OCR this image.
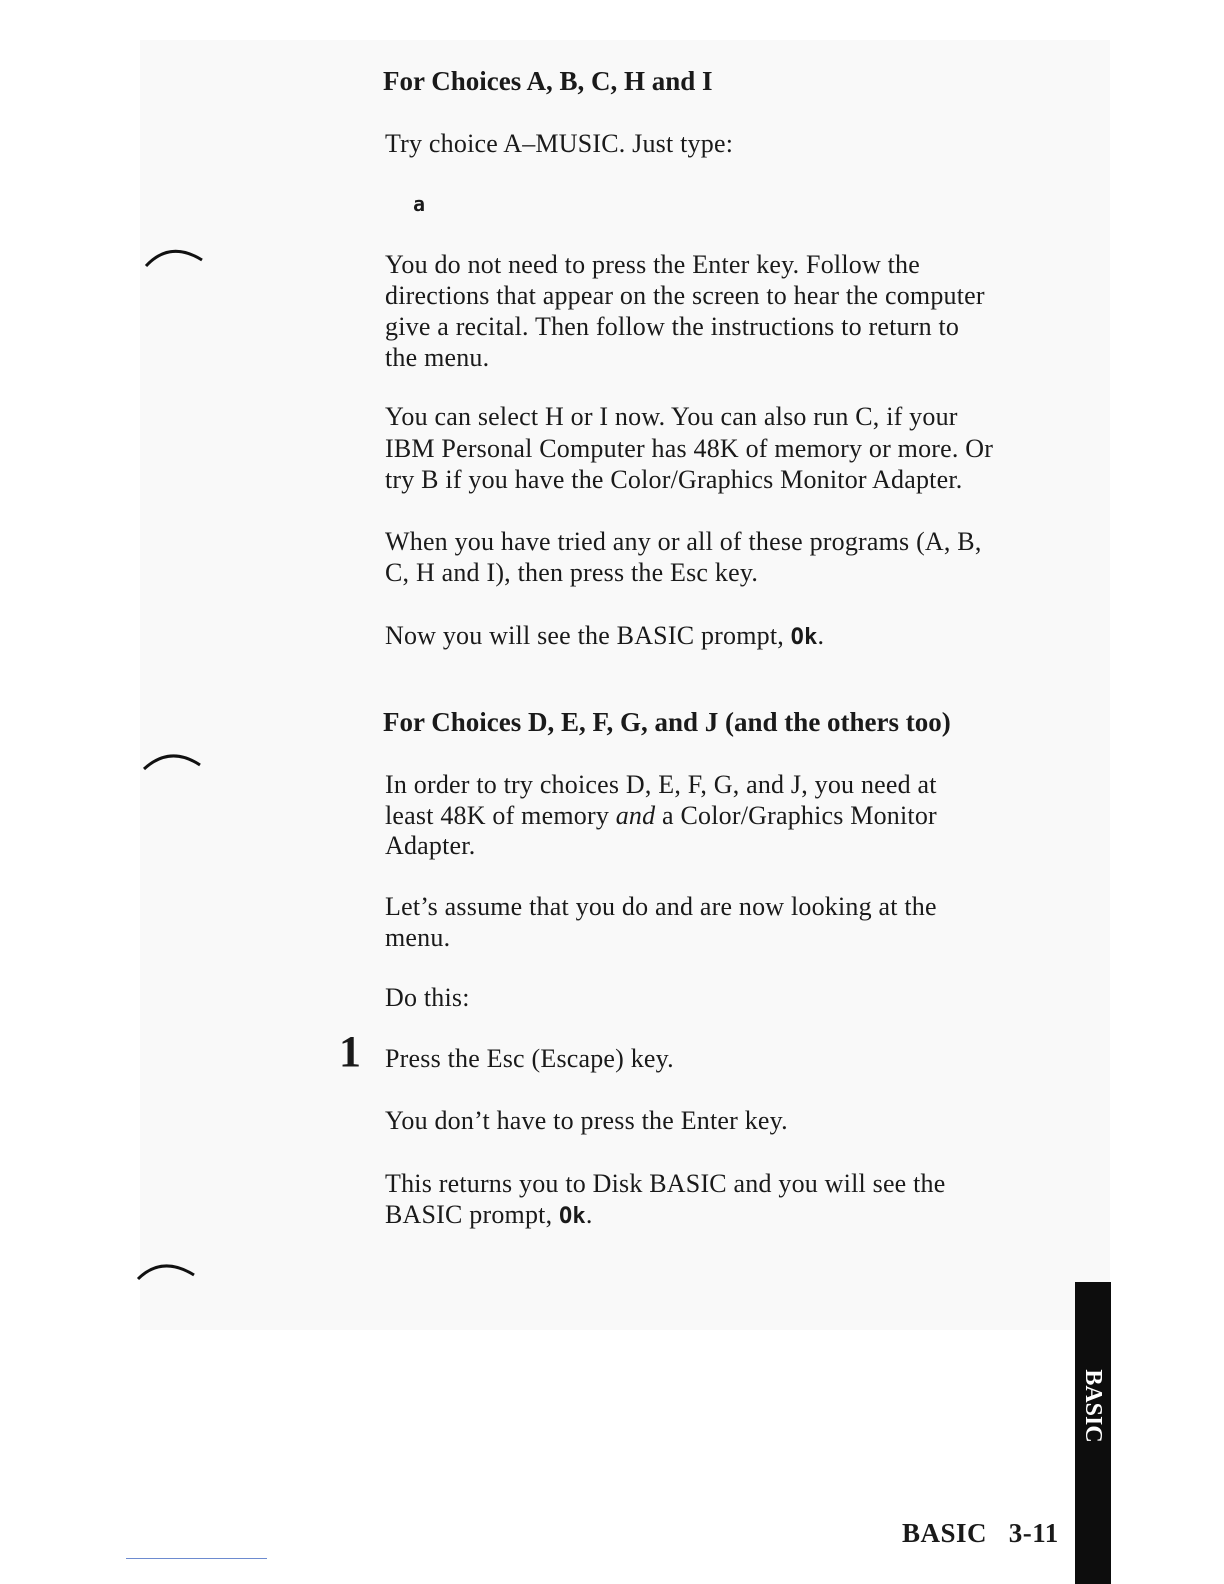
For Choices A, B, C, H and I

Try choice A–MUSIC. Just type:

a

You do not need to press the Enter key. Follow the

directions that appear on the screen to hear the computer

give a recital. Then follow the instructions to return to

the menu.

You can select H or I now. You can also run C, if your

IBM Personal Computer has 48K of memory or more. Or

try B if you have the Color/Graphics Monitor Adapter.

When you have tried any or all of these programs (A, B,

C, H and I), then press the Esc key.

Now you will see the BASIC prompt, Ok.

For Choices D, E, F, G, and J (and the others too)

In order to try choices D, E, F, G, and J, you need at

least 48K of memory and a Color/Graphics Monitor

Adapter.

Let’s assume that you do and are now looking at the

menu.

Do this:

1 Press the Esc (Escape) key.

You don’t have to press the Enter key.

This returns you to Disk BASIC and you will see the

BASIC prompt, Ok.

BASIC
BASIC 3-11
